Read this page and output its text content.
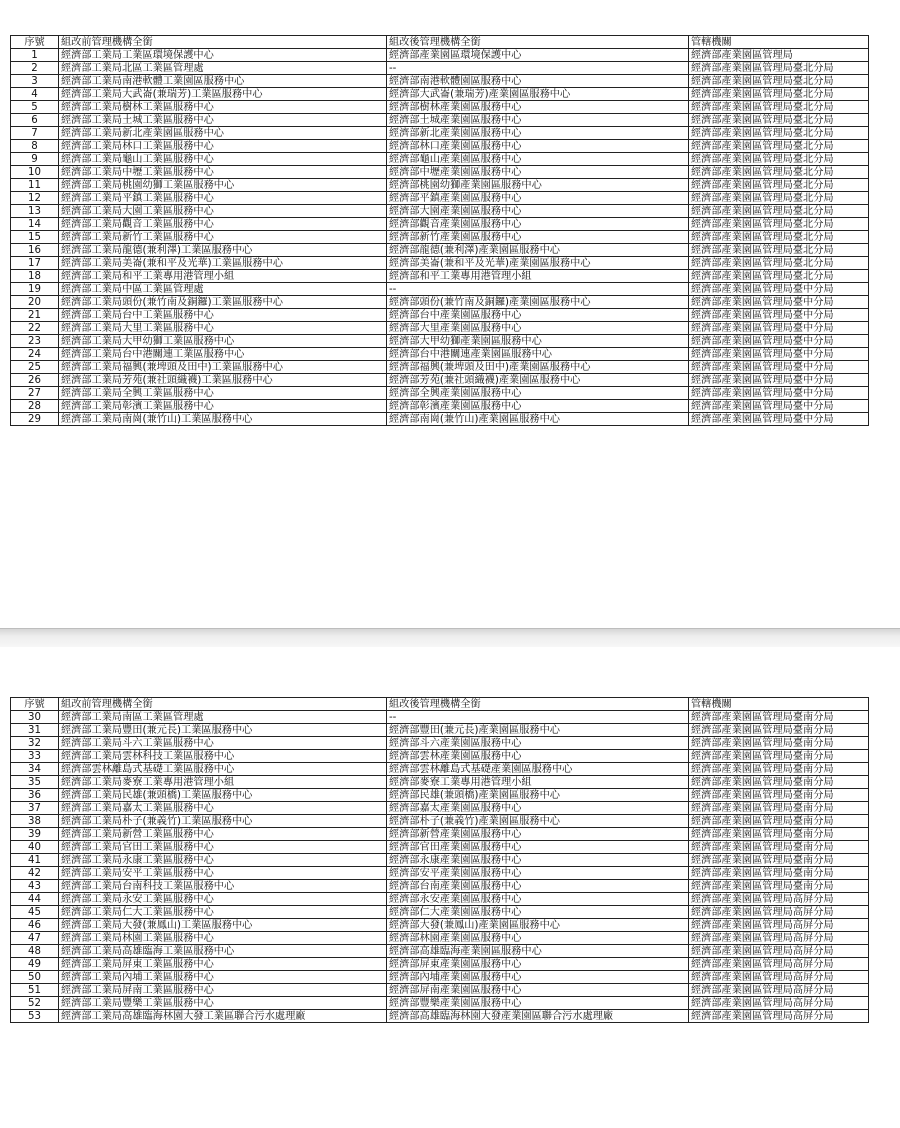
序號	組改前管理機構全銜	組改後管理機構全銜	管轄機關
1	經濟部工業局工業區環境保護中心	經濟部產業園區環境保護中心	經濟部產業園區管理局
2	經濟部工業局北區工業區管理處	--	經濟部產業園區管理局臺北分局
3	經濟部工業局南港軟體工業園區服務中心	經濟部南港軟體園區服務中心	經濟部產業園區管理局臺北分局
4	經濟部工業局大武崙(兼瑞芳)工業區服務中心	經濟部大武崙(兼瑞芳)產業園區服務中心	經濟部產業園區管理局臺北分局
5	經濟部工業局樹林工業區服務中心	經濟部樹林產業園區服務中心	經濟部產業園區管理局臺北分局
6	經濟部工業局土城工業區服務中心	經濟部土城產業園區服務中心	經濟部產業園區管理局臺北分局
7	經濟部工業局新北產業園區服務中心	經濟部新北產業園區服務中心	經濟部產業園區管理局臺北分局
8	經濟部工業局林口工業區服務中心	經濟部林口產業園區服務中心	經濟部產業園區管理局臺北分局
9	經濟部工業局龜山工業區服務中心	經濟部龜山產業園區服務中心	經濟部產業園區管理局臺北分局
10	經濟部工業局中壢工業區服務中心	經濟部中壢產業園區服務中心	經濟部產業園區管理局臺北分局
11	經濟部工業局桃園幼獅工業區服務中心	經濟部桃園幼獅產業園區服務中心	經濟部產業園區管理局臺北分局
12	經濟部工業局平鎮工業區服務中心	經濟部平鎮產業園區服務中心	經濟部產業園區管理局臺北分局
13	經濟部工業局大園工業區服務中心	經濟部大園產業園區服務中心	經濟部產業園區管理局臺北分局
14	經濟部工業局觀音工業區服務中心	經濟部觀音產業園區服務中心	經濟部產業園區管理局臺北分局
15	經濟部工業局新竹工業區服務中心	經濟部新竹產業園區服務中心	經濟部產業園區管理局臺北分局
16	經濟部工業局龍德(兼利澤)工業區服務中心	經濟部龍德(兼利澤)產業園區服務中心	經濟部產業園區管理局臺北分局
17	經濟部工業局美崙(兼和平及光華)工業區服務中心	經濟部美崙(兼和平及光華)產業園區服務中心	經濟部產業園區管理局臺北分局
18	經濟部工業局和平工業專用港管理小組	經濟部和平工業專用港管理小組	經濟部產業園區管理局臺北分局
19	經濟部工業局中區工業區管理處	--	經濟部產業園區管理局臺中分局
20	經濟部工業局頭份(兼竹南及銅鑼)工業區服務中心	經濟部頭份(兼竹南及銅鑼)產業園區服務中心	經濟部產業園區管理局臺中分局
21	經濟部工業局台中工業區服務中心	經濟部台中產業園區服務中心	經濟部產業園區管理局臺中分局
22	經濟部工業局大里工業區服務中心	經濟部大里產業園區服務中心	經濟部產業園區管理局臺中分局
23	經濟部工業局大甲幼獅工業區服務中心	經濟部大甲幼獅產業園區服務中心	經濟部產業園區管理局臺中分局
24	經濟部工業局台中港關連工業區服務中心	經濟部台中港關連產業園區服務中心	經濟部產業園區管理局臺中分局
25	經濟部工業局福興(兼埤頭及田中)工業區服務中心	經濟部福興(兼埤頭及田中)產業園區服務中心	經濟部產業園區管理局臺中分局
26	經濟部工業局芳苑(兼社頭織襪)工業區服務中心	經濟部芳苑(兼社頭織襪)產業園區服務中心	經濟部產業園區管理局臺中分局
27	經濟部工業局全興工業區服務中心	經濟部全興產業園區服務中心	經濟部產業園區管理局臺中分局
28	經濟部工業局彰濱工業區服務中心	經濟部彰濱產業園區服務中心	經濟部產業園區管理局臺中分局
29	經濟部工業局南崗(兼竹山)工業區服務中心	經濟部南崗(兼竹山)產業園區服務中心	經濟部產業園區管理局臺中分局
序號	組改前管理機構全銜	組改後管理機構全銜	管轄機關
30	經濟部工業局南區工業區管理處	--	經濟部產業園區管理局臺南分局
31	經濟部工業局豐田(兼元長)工業區服務中心	經濟部豐田(兼元長)產業園區服務中心	經濟部產業園區管理局臺南分局
32	經濟部工業局斗六工業區服務中心	經濟部斗六產業園區服務中心	經濟部產業園區管理局臺南分局
33	經濟部工業局雲林科技工業區服務中心	經濟部雲林產業園區服務中心	經濟部產業園區管理局臺南分局
34	經濟部雲林離島式基礎工業區服務中心	經濟部雲林離島式基礎產業園區服務中心	經濟部產業園區管理局臺南分局
35	經濟部工業局麥寮工業專用港管理小組	經濟部麥寮工業專用港管理小組	經濟部產業園區管理局臺南分局
36	經濟部工業局民雄(兼頭橋)工業區服務中心	經濟部民雄(兼頭橋)產業園區服務中心	經濟部產業園區管理局臺南分局
37	經濟部工業局嘉太工業區服務中心	經濟部嘉太產業園區服務中心	經濟部產業園區管理局臺南分局
38	經濟部工業局朴子(兼義竹)工業區服務中心	經濟部朴子(兼義竹)產業園區服務中心	經濟部產業園區管理局臺南分局
39	經濟部工業局新營工業區服務中心	經濟部新營產業園區服務中心	經濟部產業園區管理局臺南分局
40	經濟部工業局官田工業區服務中心	經濟部官田產業園區服務中心	經濟部產業園區管理局臺南分局
41	經濟部工業局永康工業區服務中心	經濟部永康產業園區服務中心	經濟部產業園區管理局臺南分局
42	經濟部工業局安平工業區服務中心	經濟部安平產業園區服務中心	經濟部產業園區管理局臺南分局
43	經濟部工業局台南科技工業區服務中心	經濟部台南產業園區服務中心	經濟部產業園區管理局臺南分局
44	經濟部工業局永安工業區服務中心	經濟部永安產業園區服務中心	經濟部產業園區管理局高屏分局
45	經濟部工業局仁大工業區服務中心	經濟部仁大產業園區服務中心	經濟部產業園區管理局高屏分局
46	經濟部工業局大發(兼鳳山)工業區服務中心	經濟部大發(兼鳳山)產業園區服務中心	經濟部產業園區管理局高屏分局
47	經濟部工業局林園工業區服務中心	經濟部林園產業園區服務中心	經濟部產業園區管理局高屏分局
48	經濟部工業局高雄臨海工業區服務中心	經濟部高雄臨海產業園區服務中心	經濟部產業園區管理局高屏分局
49	經濟部工業局屏東工業區服務中心	經濟部屏東產業園區服務中心	經濟部產業園區管理局高屏分局
50	經濟部工業局內埔工業區服務中心	經濟部內埔產業園區服務中心	經濟部產業園區管理局高屏分局
51	經濟部工業局屏南工業區服務中心	經濟部屏南產業園區服務中心	經濟部產業園區管理局高屏分局
52	經濟部工業局豐樂工業區服務中心	經濟部豐樂產業園區服務中心	經濟部產業園區管理局高屏分局
53	經濟部工業局高雄臨海林園大發工業區聯合污水處理廠	經濟部高雄臨海林園大發產業園區聯合污水處理廠	經濟部產業園區管理局高屏分局
